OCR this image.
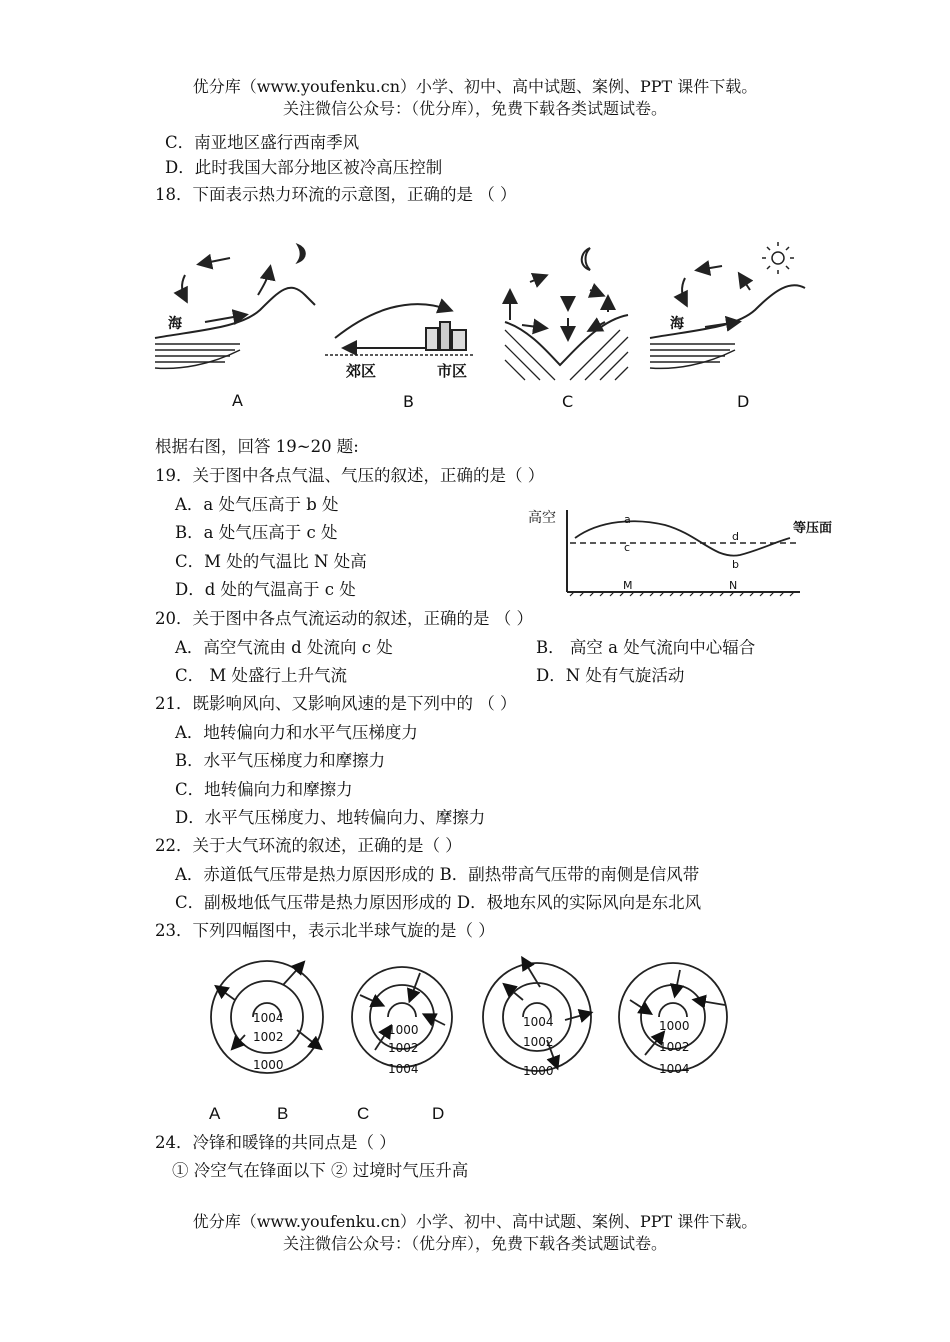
优分库（www.youfenku.cn）小学、初中、高中试题、案例、PPT 课件下载。
关注微信公众号：（优分库），免费下载各类试题试卷。
C．南亚地区盛行西南季风
D．此时我国大部分地区被冷高压控制
18．下面表示热力环流的示意图，正确的是 （ ）
海
A
郊区	市区
B	C
海
D
根据右图，回答 19~20 题:
19．关于图中各点气温、气压的叙述，正确的是（ ）
A．a 处气压高于 b 处
B．a 处气压高于 c 处
C．M 处的气温比 N 处高
D．d 处的气温高于 c 处
高空
等压面
a
c
d
b
M	N
20．关于图中各点气流运动的叙述，正确的是 （ ）
A．高空气流由 d 处流向 c 处	B． 高空 a 处气流向中心辐合
C． M 处盛行上升气流	D．N 处有气旋活动
21．既影响风向、又影响风速的是下列中的 （ ）
A．地转偏向力和水平气压梯度力
B．水平气压梯度力和摩擦力
C．地转偏向力和摩擦力
D．水平气压梯度力、地转偏向力、摩擦力
22．关于大气环流的叙述，正确的是（ ）
A．赤道低气压带是热力原因形成的 B．副热带高气压带的南侧是信风带
C．副极地低气压带是热力原因形成的 D．极地东风的实际风向是东北风
23．下列四幅图中，表示北半球气旋的是（ ）
1004
1002
1000
1000
1002
1004
1004
1002
1000
1000
1002
1004
A	B	C	D
24．冷锋和暖锋的共同点是（ ）
① 冷空气在锋面以下 ② 过境时气压升高
优分库（www.youfenku.cn）小学、初中、高中试题、案例、PPT 课件下载。
关注微信公众号：（优分库），免费下载各类试题试卷。
